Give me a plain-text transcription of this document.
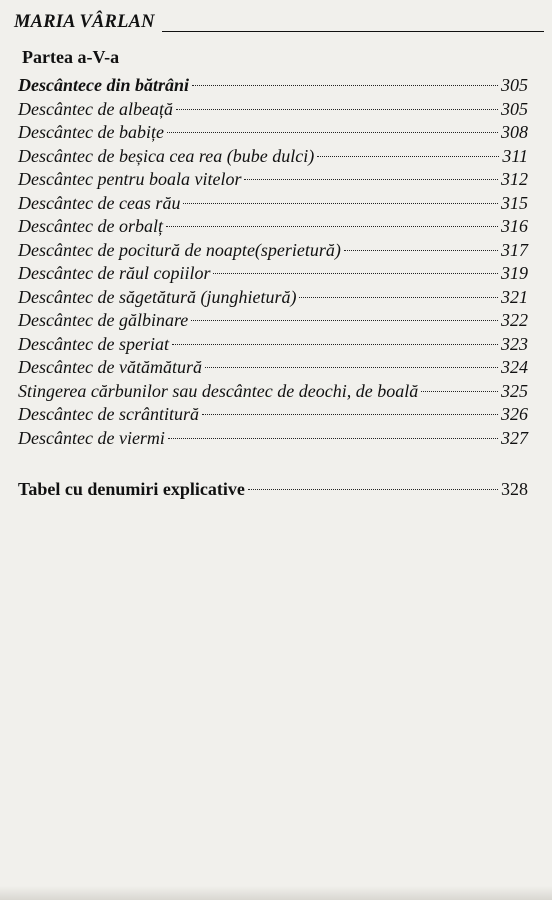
MARIA VÂRLAN
Partea a-V-a
Descântece din bătrâni	305
Descântec de albeață	305
Descântec de babițe	308
Descântec de beșica cea rea (bube dulci)	311
Descântec pentru boala vitelor	312
Descântec de ceas rău	315
Descântec de orbalț	316
Descântec de pocitură de noapte(sperietură)	317
Descântec de răul copiilor	319
Descântec de săgetătură (junghietură)	321
Descântec de gălbinare	322
Descântec de speriat	323
Descântec de vătămătură	324
Stingerea cărbunilor sau descântec de deochi, de boală	325
Descântec de scrântitură	326
Descântec de viermi	327
Tabel cu denumiri explicative	328
